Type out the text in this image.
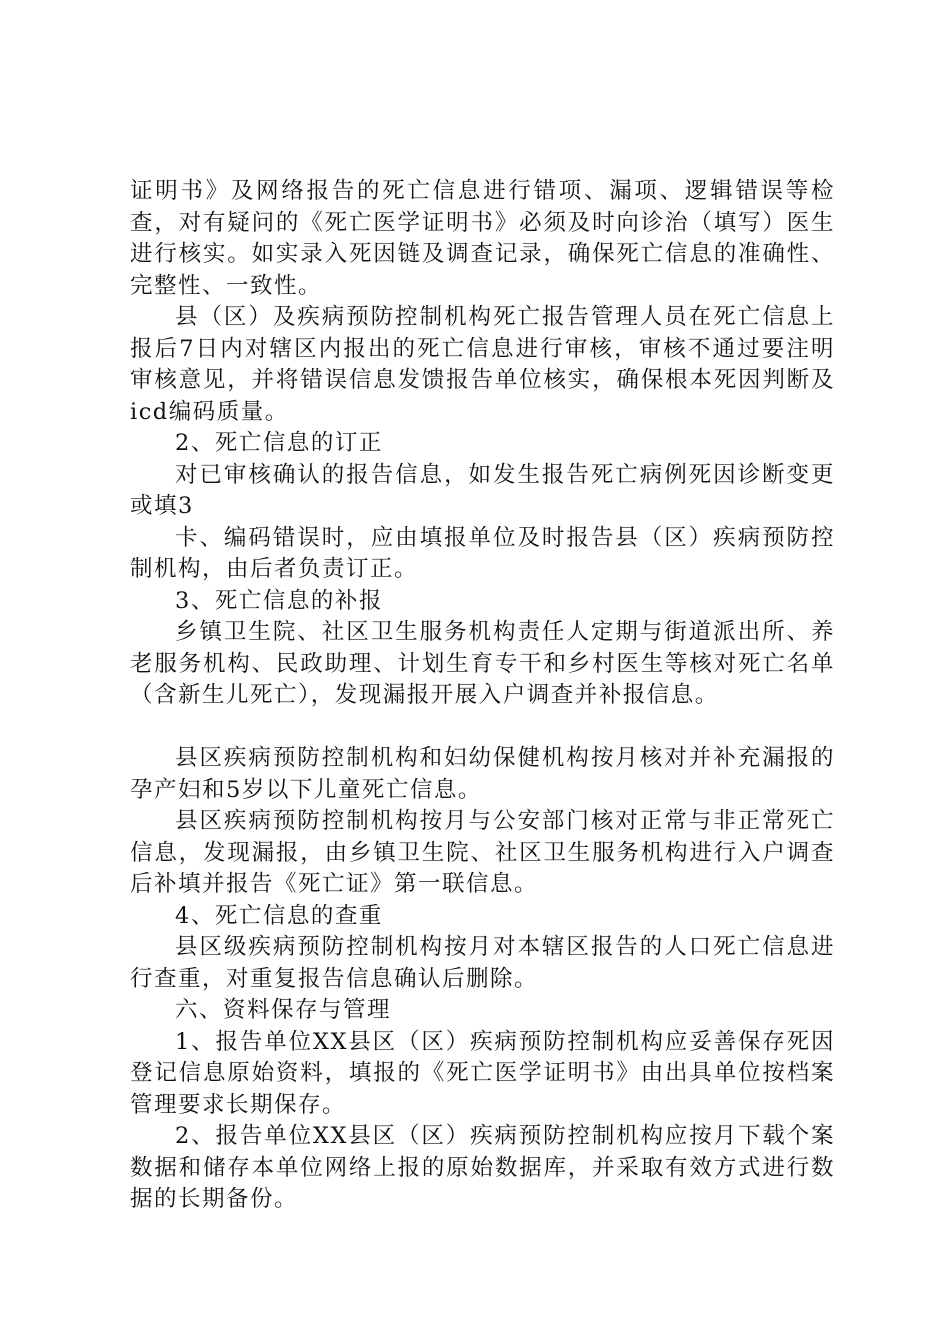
证明书》及网络报告的死亡信息进行错项、漏项、逻辑错误等检查，对有疑问的《死亡医学证明书》必须及时向诊治（填写）医生进行核实。如实录入死因链及调查记录，确保死亡信息的准确性、完整性、一致性。

县（区）及疾病预防控制机构死亡报告管理人员在死亡信息上报后7日内对辖区内报出的死亡信息进行审核，审核不通过要注明审核意见，并将错误信息发馈报告单位核实，确保根本死因判断及icd编码质量。

2、死亡信息的订正

对已审核确认的报告信息，如发生报告死亡病例死因诊断变更或填3

卡、编码错误时，应由填报单位及时报告县（区）疾病预防控制机构，由后者负责订正。

3、死亡信息的补报

乡镇卫生院、社区卫生服务机构责任人定期与街道派出所、养老服务机构、民政助理、计划生育专干和乡村医生等核对死亡名单（含新生儿死亡），发现漏报开展入户调查并补报信息。

县区疾病预防控制机构和妇幼保健机构按月核对并补充漏报的孕产妇和5岁以下儿童死亡信息。

县区疾病预防控制机构按月与公安部门核对正常与非正常死亡信息，发现漏报，由乡镇卫生院、社区卫生服务机构进行入户调查后补填并报告《死亡证》第一联信息。

4、死亡信息的查重

县区级疾病预防控制机构按月对本辖区报告的人口死亡信息进行查重，对重复报告信息确认后删除。

六、资料保存与管理

1、报告单位XX县区（区）疾病预防控制机构应妥善保存死因登记信息原始资料，填报的《死亡医学证明书》由出具单位按档案管理要求长期保存。

2、报告单位XX县区（区）疾病预防控制机构应按月下载个案数据和储存本单位网络上报的原始数据库，并采取有效方式进行数据的长期备份。
